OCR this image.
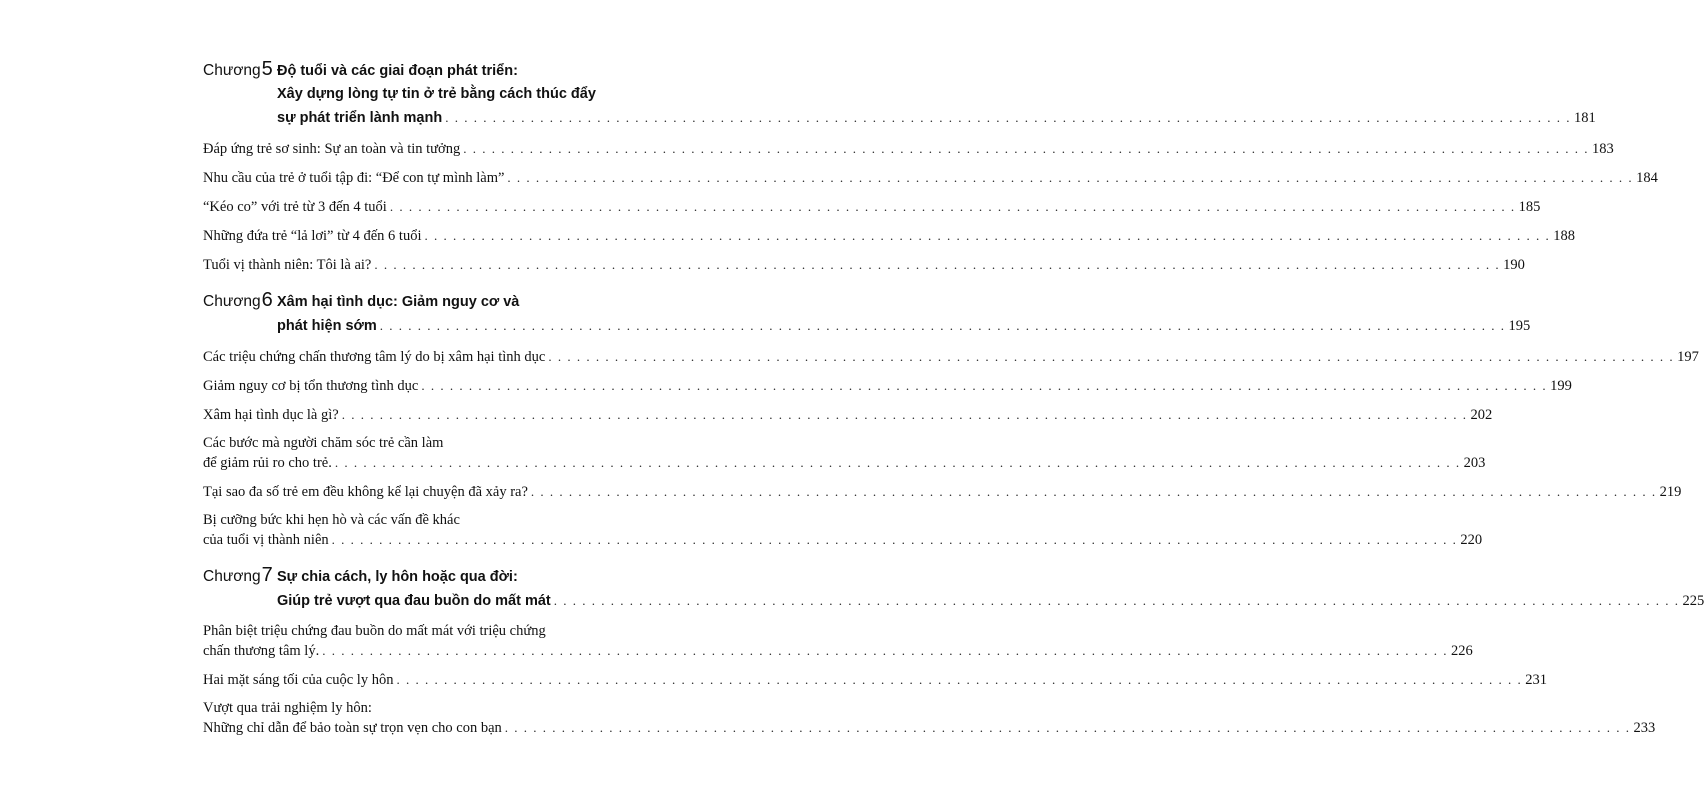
Chương5 Độ tuổi và các giai đoạn phát triển:
Xây dựng lòng tự tin ở trẻ bằng cách thúc đẩy
sự phát triển lành mạnh . . .	181
Đáp ứng trẻ sơ sinh: Sự an toàn và tin tưởng . . .	183
Nhu cầu của trẻ ở tuổi tập đi: “Để con tự mình làm” . . .	184
“Kéo co” với trẻ từ 3 đến 4 tuổi . . .	185
Những đứa trẻ “lả lơi” từ 4 đến 6 tuổi . . .	188
Tuổi vị thành niên: Tôi là ai? . . .	190
Chương6 Xâm hại tình dục: Giảm nguy cơ và
phát hiện sớm . . .	195
Các triệu chứng chấn thương tâm lý do bị xâm hại tình dục . . .	197
Giảm nguy cơ bị tổn thương tình dục . . .	199
Xâm hại tình dục là gì? . . .	202
Các bước mà người chăm sóc trẻ cần làm
để giảm rủi ro cho trẻ. . . .	203
Tại sao đa số trẻ em đều không kể lại chuyện đã xảy ra? . . .	219
Bị cưỡng bức khi hẹn hò và các vấn đề khác
của tuổi vị thành niên . . .	220
Chương7 Sự chia cách, ly hôn hoặc qua đời:
Giúp trẻ vượt qua đau buồn do mất mát . . .	225
Phân biệt triệu chứng đau buồn do mất mát với triệu chứng
chấn thương tâm lý. . . .	226
Hai mặt sáng tối của cuộc ly hôn . . .	231
Vượt qua trải nghiệm ly hôn:
Những chỉ dẫn để bảo toàn sự trọn vẹn cho con bạn . . .	233
